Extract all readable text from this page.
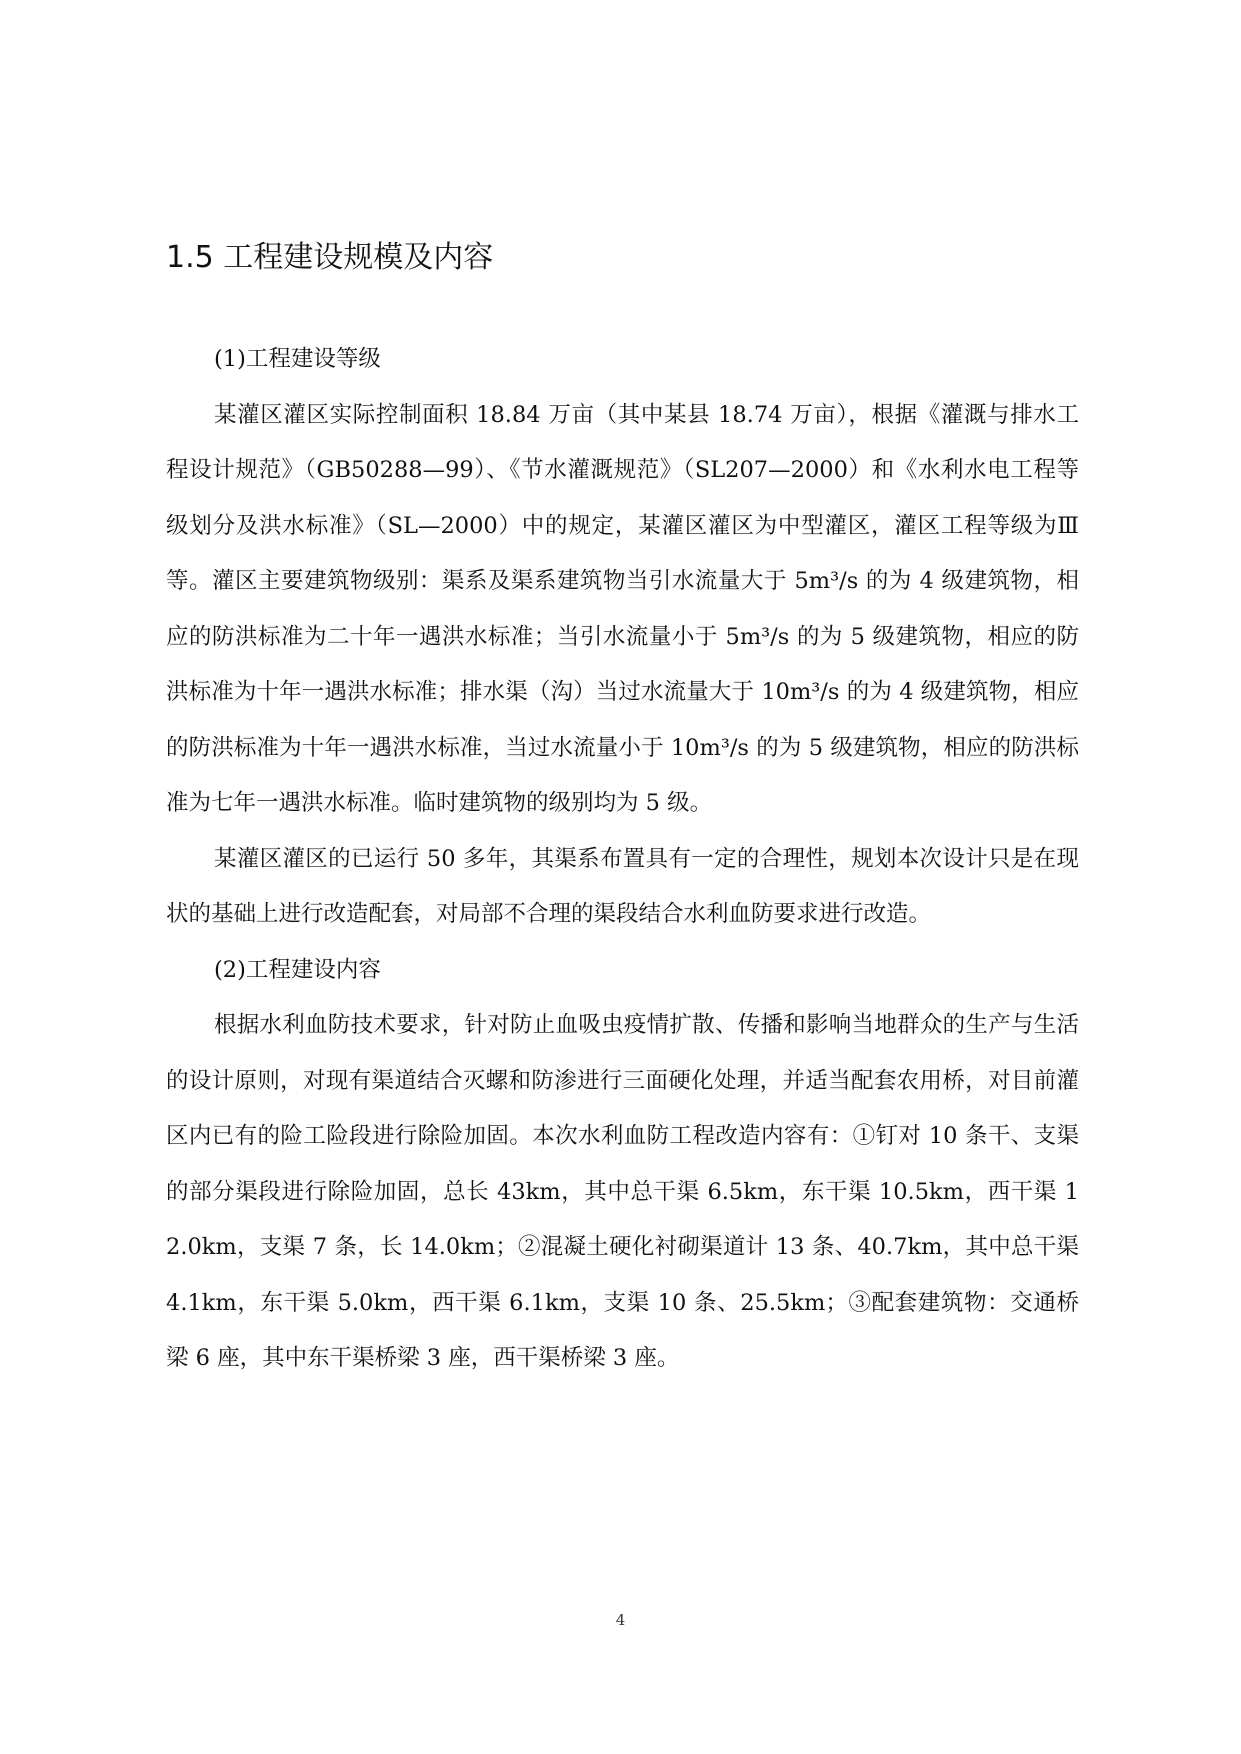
1.5 工程建设规模及内容

(1)工程建设等级

某灌区灌区实际控制面积 18.84 万亩（其中某县 18.74 万亩），根据《灌溉与排水工程设计规范》（GB50288—99）、《节水灌溉规范》（SL207—2000）和《水利水电工程等级划分及洪水标准》（SL—2000）中的规定，某灌区灌区为中型灌区，灌区工程等级为Ⅲ等。灌区主要建筑物级别：渠系及渠系建筑物当引水流量大于 5m³/s 的为 4 级建筑物，相应的防洪标准为二十年一遇洪水标准；当引水流量小于 5m³/s 的为 5 级建筑物，相应的防洪标准为十年一遇洪水标准；排水渠（沟）当过水流量大于 10m³/s 的为 4 级建筑物，相应的防洪标准为十年一遇洪水标准，当过水流量小于 10m³/s 的为 5 级建筑物，相应的防洪标准为七年一遇洪水标准。临时建筑物的级别均为 5 级。

某灌区灌区的已运行 50 多年，其渠系布置具有一定的合理性，规划本次设计只是在现状的基础上进行改造配套，对局部不合理的渠段结合水利血防要求进行改造。

(2)工程建设内容

根据水利血防技术要求，针对防止血吸虫疫情扩散、传播和影响当地群众的生产与生活的设计原则，对现有渠道结合灭螺和防渗进行三面硬化处理，并适当配套农用桥，对目前灌区内已有的险工险段进行除险加固。本次水利血防工程改造内容有：①钉对 10 条干、支渠的部分渠段进行除险加固，总长 43km，其中总干渠 6.5km，东干渠 10.5km，西干渠 12.0km，支渠 7 条，长 14.0km；②混凝土硬化衬砌渠道计 13 条、40.7km，其中总干渠 4.1km，东干渠 5.0km，西干渠 6.1km，支渠 10 条、25.5km；③配套建筑物：交通桥梁 6 座，其中东干渠桥梁 3 座，西干渠桥梁 3 座。

4
